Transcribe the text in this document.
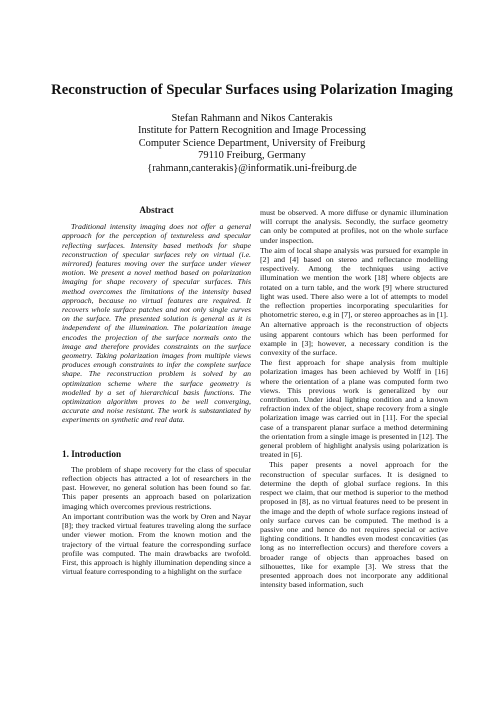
Reconstruction of Specular Surfaces using Polarization Imaging
Stefan Rahmann and Nikos Canterakis
Institute for Pattern Recognition and Image Processing
Computer Science Department, University of Freiburg
79110 Freiburg, Germany
{rahmann,canterakis}@informatik.uni-freiburg.de
Abstract

Traditional intensity imaging does not offer a general approach for the perception of textureless and specular reflecting surfaces. Intensity based methods for shape reconstruction of specular surfaces rely on virtual (i.e. mirrored) features moving over the surface under viewer motion. We present a novel method based on polarization imaging for shape recovery of specular surfaces. This method overcomes the limitations of the intensity based approach, because no virtual features are required. It recovers whole surface patches and not only single curves on the surface. The presented solution is general as it is independent of the illumination. The polarization image encodes the projection of the surface normals onto the image and therefore provides constraints on the surface geometry. Taking polarization images from multiple views produces enough constraints to infer the complete surface shape. The reconstruction problem is solved by an optimization scheme where the surface geometry is modelled by a set of hierarchical basis functions. The optimization algorithm proves to be well converging, accurate and noise resistant. The work is substantiated by experiments on synthetic and real data.

1. Introduction

The problem of shape recovery for the class of specular reflection objects has attracted a lot of researchers in the past. However, no general solution has been found so far. This paper presents an approach based on polarization imaging which overcomes previous restrictions.

An important contribution was the work by Oren and Nayar [8]; they tracked virtual features traveling along the surface under viewer motion. From the known motion and the trajectory of the virtual feature the corresponding surface profile was computed. The main drawbacks are twofold. First, this approach is highly illumination depending since a virtual feature corresponding to a highlight on the surface

must be observed. A more diffuse or dynamic illumination will corrupt the analysis. Secondly, the surface geometry can only be computed at profiles, not on the whole surface under inspection.

The aim of local shape analysis was pursued for example in [2] and [4] based on stereo and reflectance modelling respectively. Among the techniques using active illumination we mention the work [18] where objects are rotated on a turn table, and the work [9] where structured light was used. There also were a lot of attempts to model the reflection properties incorporating specularities for photometric stereo, e.g in [7], or stereo approaches as in [1].

An alternative approach is the reconstruction of objects using apparent contours which has been performed for example in [3]; however, a necessary condition is the convexity of the surface.

The first approach for shape analysis from multiple polarization images has been achieved by Wolff in [16] where the orientation of a plane was computed form two views. This previous work is generalized by our contribution. Under ideal lighting condition and a known refraction index of the object, shape recovery from a single polarization image was carried out in [11]. For the special case of a transparent planar surface a method determining the orientation from a single image is presented in [12]. The general problem of highlight analysis using polarization is treated in [6].

This paper presents a novel approach for the reconstruction of specular surfaces. It is designed to determine the depth of global surface regions. In this respect we claim, that our method is superior to the method proposed in [8], as no virtual features need to be present in the image and the depth of whole surface regions instead of only surface curves can be computed. The method is a passive one and hence do not requires special or active lighting conditions. It handles even modest concavities (as long as no interreflection occurs) and therefore covers a broader range of objects than approaches based on silhouettes, like for example [3]. We stress that the presented approach does not incorporate any additional intensity based information, such
